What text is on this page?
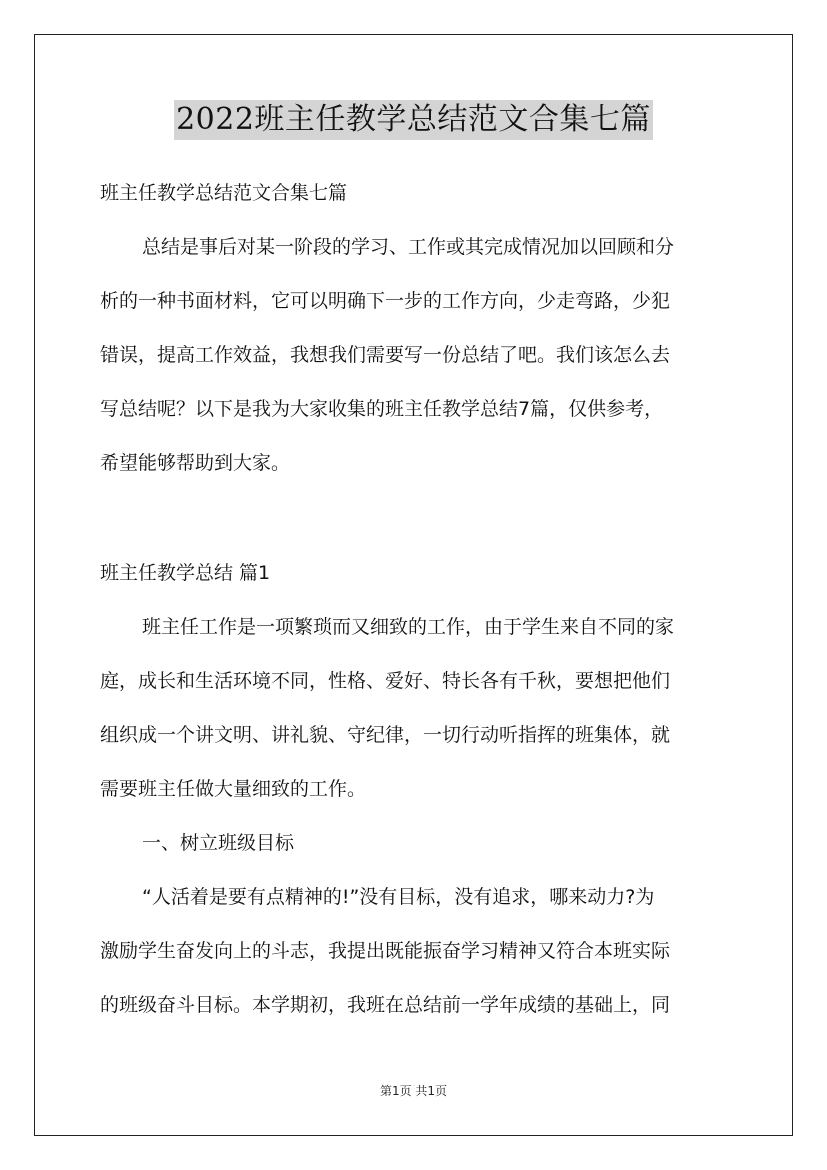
2022班主任教学总结范文合集七篇
班主任教学总结范文合集七篇
总结是事后对某一阶段的学习、工作或其完成情况加以回顾和分
析的一种书面材料，它可以明确下一步的工作方向，少走弯路，少犯
错误，提高工作效益，我想我们需要写一份总结了吧。我们该怎么去
写总结呢？以下是我为大家收集的班主任教学总结7篇，仅供参考，
希望能够帮助到大家。
班主任教学总结 篇1
班主任工作是一项繁琐而又细致的工作，由于学生来自不同的家
庭，成长和生活环境不同，性格、爱好、特长各有千秋，要想把他们
组织成一个讲文明、讲礼貌、守纪律，一切行动听指挥的班集体，就
需要班主任做大量细致的工作。
一、树立班级目标
“人活着是要有点精神的!”没有目标，没有追求，哪来动力?为
激励学生奋发向上的斗志，我提出既能振奋学习精神又符合本班实际
的班级奋斗目标。本学期初，我班在总结前一学年成绩的基础上，同
第1页 共1页
